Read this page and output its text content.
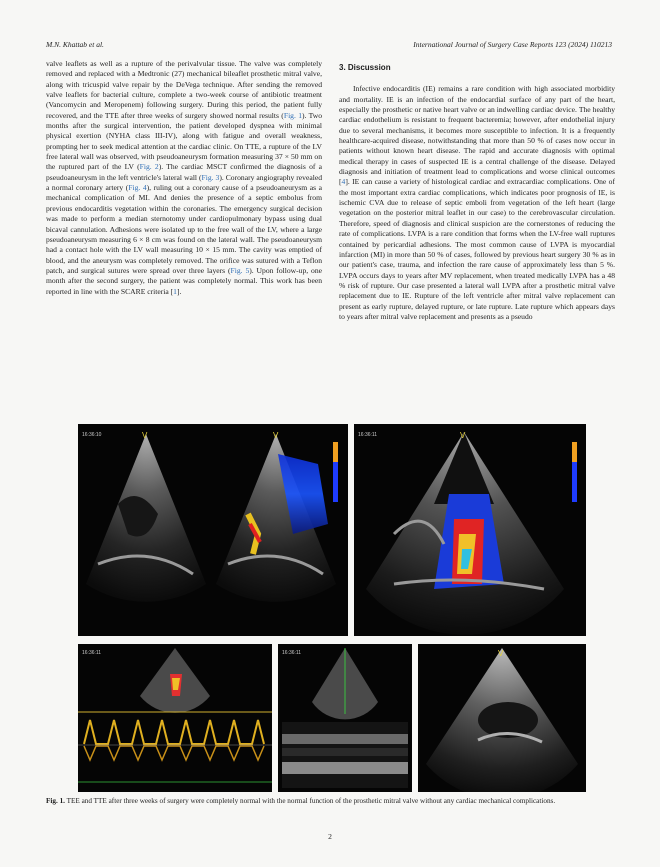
M.N. Khattab et al.	International Journal of Surgery Case Reports 123 (2024) 110213

valve leaflets as well as a rupture of the perivalvular tissue. The valve was completely removed and replaced with a Medtronic (27) mechanical bileaflet prosthetic mitral valve, along with tricuspid valve repair by the DeVega technique. After sending the removed valve leaflets for bacterial culture, complete a two-week course of antibiotic treatment (Vancomycin and Meropenem) following surgery. During this period, the patient fully recovered, and the TTE after three weeks of surgery showed normal results (Fig. 1). Two months after the surgical intervention, the patient developed dyspnea with minimal physical exertion (NYHA class III-IV), along with fatigue and overall weakness, prompting her to seek medical attention at the cardiac clinic. On TTE, a rupture of the LV free lateral wall was observed, with pseudoaneurysm formation measuring 37 × 50 mm on the ruptured part of the LV (Fig. 2). The cardiac MSCT confirmed the diagnosis of a pseudoaneurysm in the left ventricle's lateral wall (Fig. 3). Coronary angiography revealed a normal coronary artery (Fig. 4), ruling out a coronary cause of a pseudoaneurysm as a mechanical complication of MI. And denies the presence of a septic embolus from previous endocarditis vegetation within the coronaries. The emergency surgical decision was made to perform a median sternotomy under cardiopulmonary bypass using dual bicaval cannulation. Adhesions were isolated up to the free wall of the LV, where a large pseudoaneurysm measuring 6 × 8 cm was found on the lateral wall. The pseudoaneurysm had a contact hole with the LV wall measuring 10 × 15 mm. The cavity was emptied of blood, and the aneurysm was completely removed. The orifice was sutured with a Teflon patch, and surgical sutures were spread over three layers (Fig. 5). Upon follow-up, one month after the second surgery, the patient was completely normal. This work has been reported in line with the SCARE criteria [1].

3. Discussion

Infective endocarditis (IE) remains a rare condition with high associated morbidity and mortality. IE is an infection of the endocardial surface of any part of the heart, especially the prosthetic or native heart valve or an indwelling cardiac device. The healthy cardiac endothelium is resistant to frequent bacteremia; however, after endothelial injury due to several mechanisms, it becomes more susceptible to infection. It is a frequently healthcare-acquired disease, notwithstanding that more than 50 % of cases now occur in patients without known heart disease. The rapid and accurate diagnosis with optimal medical therapy in cases of suspected IE is a central challenge of the disease. Delayed diagnosis and initiation of treatment lead to complications and worse clinical outcomes [4]. IE can cause a variety of histological cardiac and extracardiac complications. One of the most important extra cardiac complications, which indicates poor prognosis of IE, is ischemic CVA due to release of septic emboli from vegetation of the left heart (large vegetation on the posterior mitral leaflet in our case) to the cerebrovascular circulation. Therefore, speed of diagnosis and clinical suspicion are the cornerstones of reducing the rate of complications. LVPA is a rare condition that forms when the LV-free wall ruptures contained by pericardial adhesions. The most common cause of LVPA is myocardial infarction (MI) in more than 50 % of cases, followed by previous heart surgery 30 % as in our patient's case, trauma, and infection the rare cause of approximately less than 5 %. LVPA occurs days to years after MV replacement, when treated medically LVPA has a 48 % risk of rupture. Our case presented a lateral wall LVPA after a prosthetic mitral valve replacement due to IE. Rupture of the left ventricle after mitral valve replacement can present as early rupture, delayed rupture, or late rupture. Late rupture which appears days to years after mitral valve replacement and presents as a pseudo

16:36:10	V	V	16:36:11	V
16:36:11	16:36:11	V
Fig. 1. TEE and TTE after three weeks of surgery were completely normal with the normal function of the prosthetic mitral valve without any cardiac mechanical complications.
2
